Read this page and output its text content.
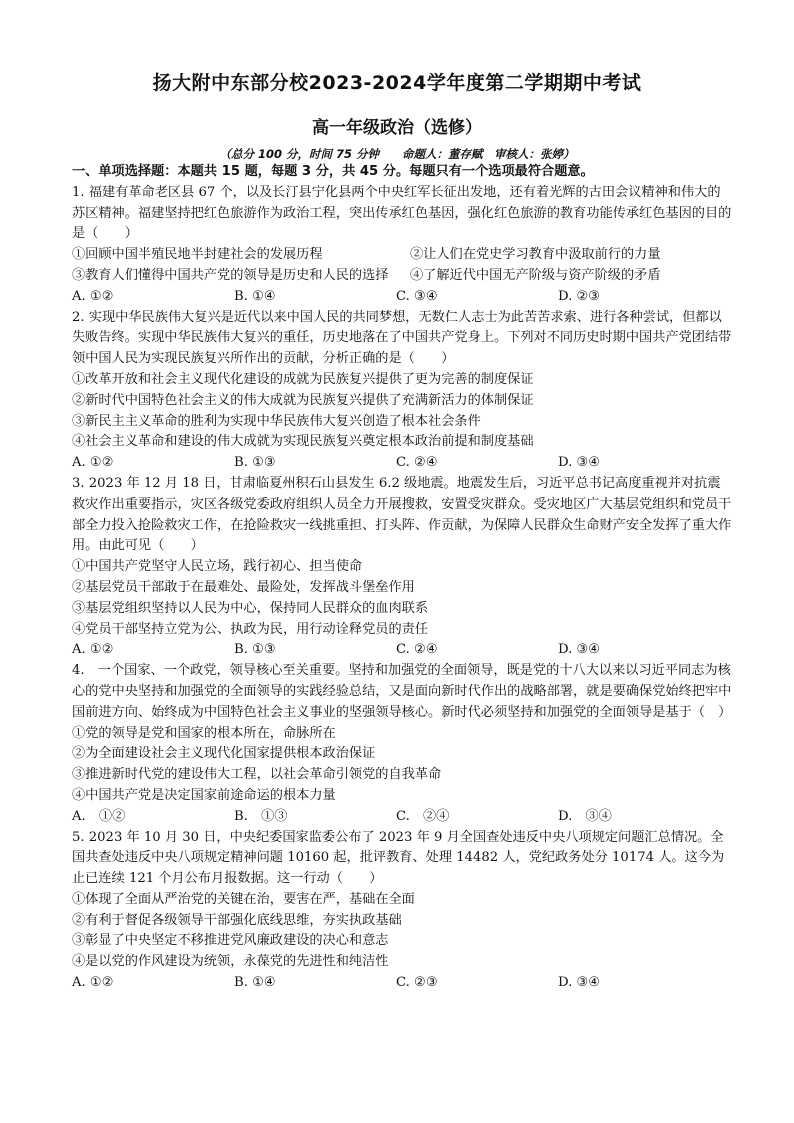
扬大附中东部分校2023-2024学年度第二学期期中考试
高一年级政治（选修）
（总分 100 分，时间 75 分钟　　命题人：董存赋　审核人：张婷）

一、单项选择题：本题共 15 题，每题 3 分，共 45 分。每题只有一个选项最符合题意。

1. 福建有革命老区县 67 个，以及长汀县宁化县两个中央红军长征出发地，还有着光辉的古田会议精神和伟大的苏区精神。福建坚持把红色旅游作为政治工程，突出传承红色基因，强化红色旅游的教育功能传承红色基因的目的是（　　）

①回顾中国半殖民地半封建社会的发展历程	②让人们在党史学习教育中汲取前行的力量
③教育人们懂得中国共产党的领导是历史和人民的选择	④了解近代中国无产阶级与资产阶级的矛盾
A. ①②	B. ①④	C. ③④	D. ②③

2. 实现中华民族伟大复兴是近代以来中国人民的共同梦想，无数仁人志士为此苦苦求索、进行各种尝试，但都以失败告终。实现中华民族伟大复兴的重任，历史地落在了中国共产党身上。下列对不同历史时期中国共产党团结带领中国人民为实现民族复兴所作出的贡献，分析正确的是（　　）

①改革开放和社会主义现代化建设的成就为民族复兴提供了更为完善的制度保证

②新时代中国特色社会主义的伟大成就为民族复兴提供了充满新活力的体制保证

③新民主主义革命的胜利为实现中华民族伟大复兴创造了根本社会条件

④社会主义革命和建设的伟大成就为实现民族复兴奠定根本政治前提和制度基础

A. ①②	B. ①③	C. ②④	D. ③④

3. 2023 年 12 月 18 日，甘肃临夏州积石山县发生 6.2 级地震。地震发生后，习近平总书记高度重视并对抗震救灾作出重要指示，灾区各级党委政府组织人员全力开展搜救，安置受灾群众。受灾地区广大基层党组织和党员干部全力投入抢险救灾工作，在抢险救灾一线挑重担、打头阵、作贡献，为保障人民群众生命财产安全发挥了重大作用。由此可见（　　）

①中国共产党坚守人民立场，践行初心、担当使命

②基层党员干部敢于在最难处、最险处，发挥战斗堡垒作用

③基层党组织坚持以人民为中心，保持同人民群众的血肉联系

④党员干部坚持立党为公、执政为民，用行动诠释党员的责任

A. ①②	B. ①③	C. ②④	D. ③④

4.　一个国家、一个政党，领导核心至关重要。坚持和加强党的全面领导，既是党的十八大以来以习近平同志为核心的党中央坚持和加强党的全面领导的实践经验总结，又是面向新时代作出的战略部署，就是要确保党始终把牢中国前进方向、始终成为中国特色社会主义事业的坚强领导核心。新时代必须坚持和加强党的全面领导是基于（　）

①党的领导是党和国家的根本所在，命脉所在

②为全面建设社会主义现代化国家提供根本政治保证

③推进新时代党的建设伟大工程，以社会革命引领党的自我革命

④中国共产党是决定国家前途命运的根本力量

A.　①②	B.　①③	C.　②④	D.　③④

5. 2023 年 10 月 30 日，中央纪委国家监委公布了 2023 年 9 月全国查处违反中央八项规定问题汇总情况。全国共查处违反中央八项规定精神问题 10160 起，批评教育、处理 14482 人，党纪政务处分 10174 人。这今为止已连续 121 个月公布月报数据。这一行动（　　）

①体现了全面从严治党的关键在治，要害在严，基础在全面

②有利于督促各级领导干部强化底线思维，夯实执政基础

③彰显了中央坚定不移推进党风廉政建设的决心和意志

④是以党的作风建设为统领，永葆党的先进性和纯洁性

A. ①②	B. ①④	C. ②③	D. ③④
